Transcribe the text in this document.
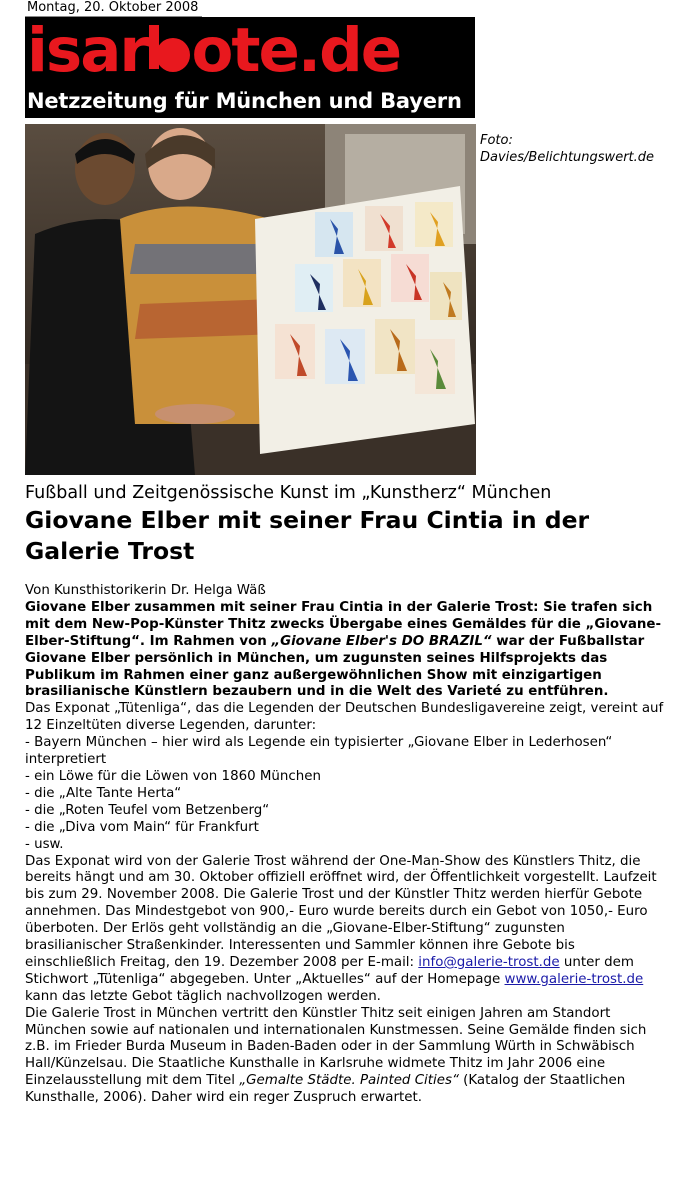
Montag, 20. Oktober 2008
isar ote.de
Netzzeitung für München und Bayern
Foto: Davies/Belichtungswert.de
Fußball und Zeitgenössische Kunst im „Kunstherz“ München
Giovane Elber mit seiner Frau Cintia in der Galerie Trost

Von Kunsthistorikerin Dr. Helga Wäß

Giovane Elber zusammen mit seiner Frau Cintia in der Galerie Trost: Sie trafen sich mit dem New-Pop-Künster Thitz zwecks Übergabe eines Gemäldes für die „Giovane-Elber-Stiftung“. Im Rahmen von „Giovane Elber's DO BRAZIL“ war der Fußballstar Giovane Elber persönlich in München, um zugunsten seines Hilfsprojekts das Publikum im Rahmen einer ganz außergewöhnlichen Show mit einzigartigen brasilianische Künstlern bezaubern und in die Welt des Varieté zu entführen.

Das Exponat „Tütenliga“, das die Legenden der Deutschen Bundesligavereine zeigt, vereint auf 12 Einzeltüten diverse Legenden, darunter:

- Bayern München – hier wird als Legende ein typisierter „Giovane Elber in Lederhosen“ interpretiert

- ein Löwe für die Löwen von 1860 München

- die „Alte Tante Herta“

- die „Roten Teufel vom Betzenberg“

- die „Diva vom Main“ für Frankfurt

- usw.

Das Exponat wird von der Galerie Trost während der One-Man-Show des Künstlers Thitz, die bereits hängt und am 30. Oktober offiziell eröffnet wird, der Öffentlichkeit vorgestellt. Laufzeit bis zum 29. November 2008. Die Galerie Trost und der Künstler Thitz werden hierfür Gebote annehmen. Das Mindestgebot von 900,- Euro wurde bereits durch ein Gebot von 1050,- Euro überboten. Der Erlös geht vollständig an die „Giovane-Elber-Stiftung“ zugunsten brasilianischer Straßenkinder. Interessenten und Sammler können ihre Gebote bis einschließlich Freitag, den 19. Dezember 2008 per E-mail: info@galerie-trost.de unter dem Stichwort „Tütenliga“ abgegeben. Unter „Aktuelles“ auf der Homepage www.galerie-trost.de kann das letzte Gebot täglich nachvollzogen werden.

Die Galerie Trost in München vertritt den Künstler Thitz seit einigen Jahren am Standort München sowie auf nationalen und internationalen Kunstmessen. Seine Gemälde finden sich z.B. im Frieder Burda Museum in Baden-Baden oder in der Sammlung Würth in Schwäbisch Hall/Künzelsau. Die Staatliche Kunsthalle in Karlsruhe widmete Thitz im Jahr 2006 eine Einzelausstellung mit dem Titel „Gemalte Städte. Painted Cities“ (Katalog der Staatlichen Kunsthalle, 2006). Daher wird ein reger Zuspruch erwartet.
